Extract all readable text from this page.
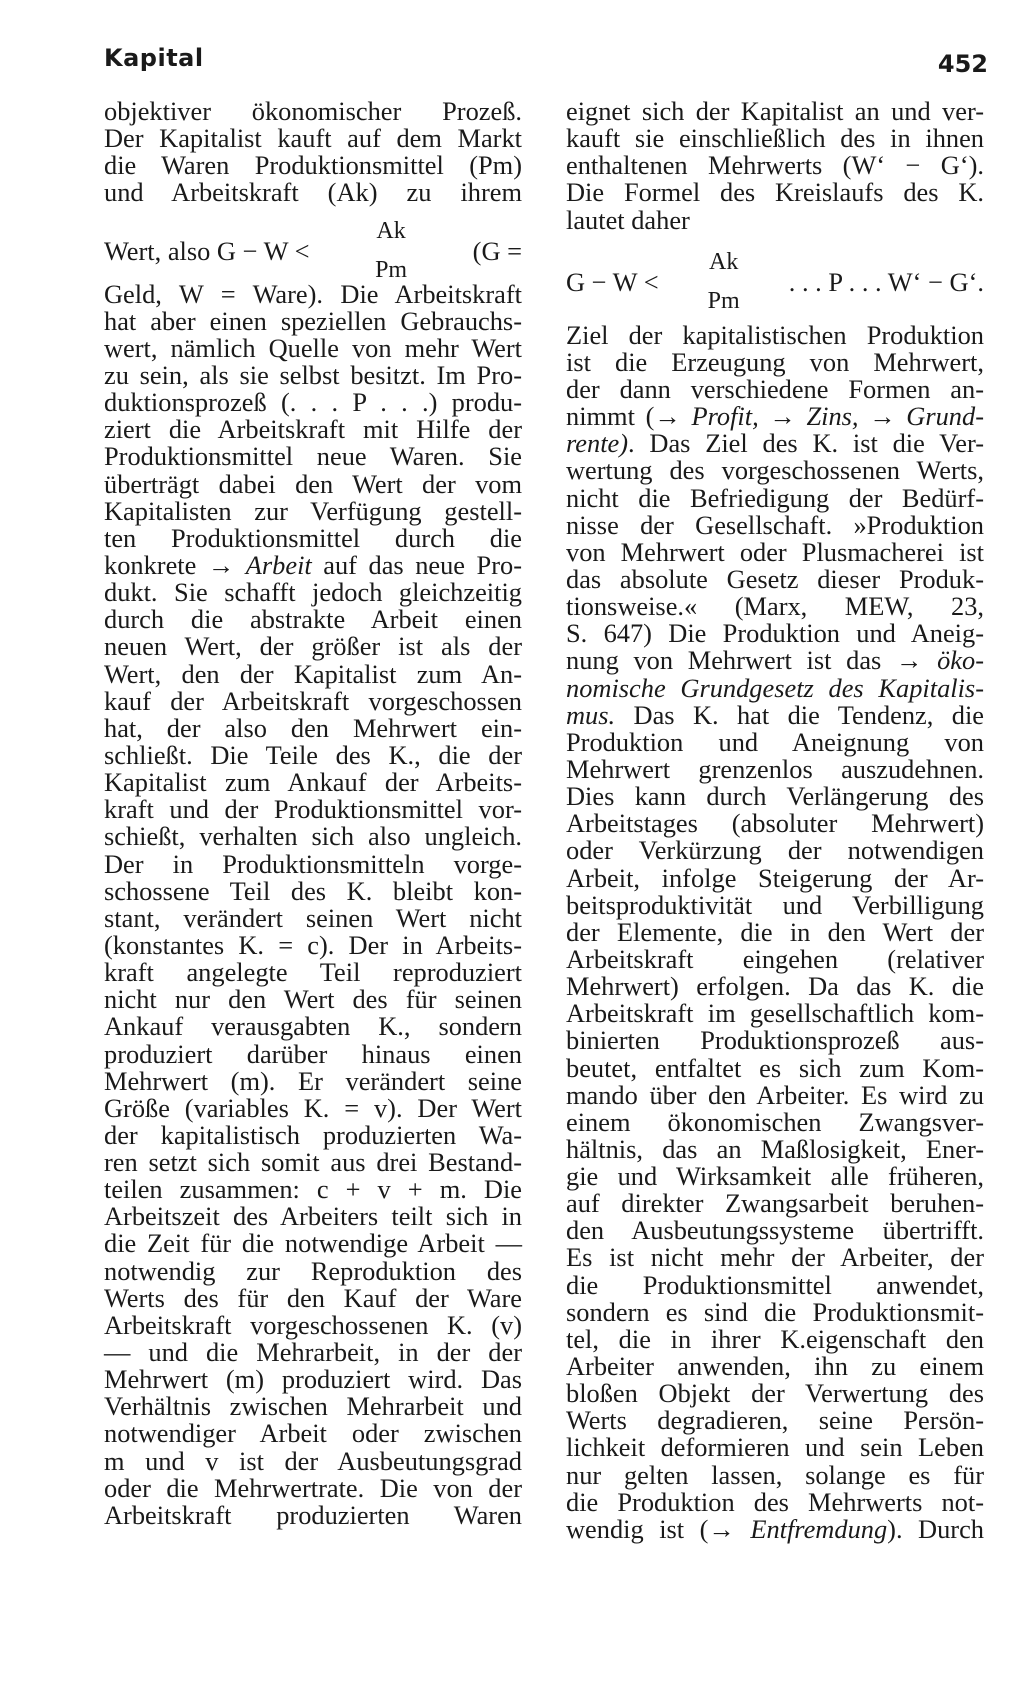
Kapital	452
objektiver ökonomischer Prozeß.
Der Kapitalist kauft auf dem Markt
die Waren Produktionsmittel (Pm)
und Arbeitskraft (Ak) zu ihrem
Wert, also G − W <
Ak
Pm
(G =
Geld, W = Ware). Die Arbeitskraft
hat aber einen speziellen Gebrauchs-
wert, nämlich Quelle von mehr Wert
zu sein, als sie selbst besitzt. Im Pro-
duktionsprozeß (. . . P . . .) produ-
ziert die Arbeitskraft mit Hilfe der
Produktionsmittel neue Waren. Sie
überträgt dabei den Wert der vom
Kapitalisten zur Verfügung gestell-
ten Produktionsmittel durch die
konkrete → Arbeit auf das neue Pro-
dukt. Sie schafft jedoch gleichzeitig
durch die abstrakte Arbeit einen
neuen Wert, der größer ist als der
Wert, den der Kapitalist zum An-
kauf der Arbeitskraft vorgeschossen
hat, der also den Mehrwert ein-
schließt. Die Teile des K., die der
Kapitalist zum Ankauf der Arbeits-
kraft und der Produktionsmittel vor-
schießt, verhalten sich also ungleich.
Der in Produktionsmitteln vorge-
schossene Teil des K. bleibt kon-
stant, verändert seinen Wert nicht
(konstantes K. = c). Der in Arbeits-
kraft angelegte Teil reproduziert
nicht nur den Wert des für seinen
Ankauf verausgabten K., sondern
produziert darüber hinaus einen
Mehrwert (m). Er verändert seine
Größe (variables K. = v). Der Wert
der kapitalistisch produzierten Wa-
ren setzt sich somit aus drei Bestand-
teilen zusammen: c + v + m. Die
Arbeitszeit des Arbeiters teilt sich in
die Zeit für die notwendige Arbeit —
notwendig zur Reproduktion des
Werts des für den Kauf der Ware
Arbeitskraft vorgeschossenen K. (v)
— und die Mehrarbeit, in der der
Mehrwert (m) produziert wird. Das
Verhältnis zwischen Mehrarbeit und
notwendiger Arbeit oder zwischen
m und v ist der Ausbeutungsgrad
oder die Mehrwertrate. Die von der
Arbeitskraft produzierten Waren
eignet sich der Kapitalist an und ver-
kauft sie einschließlich des in ihnen
enthaltenen Mehrwerts (W‘ − G‘).
Die Formel des Kreislaufs des K.
lautet daher
G − W <
Ak
Pm
. . . P . . . W‘ − G‘.
Ziel der kapitalistischen Produktion
ist die Erzeugung von Mehrwert,
der dann verschiedene Formen an-
nimmt (→ Profit, → Zins, → Grund-
rente). Das Ziel des K. ist die Ver-
wertung des vorgeschossenen Werts,
nicht die Befriedigung der Bedürf-
nisse der Gesellschaft. »Produktion
von Mehrwert oder Plusmacherei ist
das absolute Gesetz dieser Produk-
tionsweise.« (Marx, MEW, 23,
S. 647) Die Produktion und Aneig-
nung von Mehrwert ist das → öko-
nomische Grundgesetz des Kapitalis-
mus. Das K. hat die Tendenz, die
Produktion und Aneignung von
Mehrwert grenzenlos auszudehnen.
Dies kann durch Verlängerung des
Arbeitstages (absoluter Mehrwert)
oder Verkürzung der notwendigen
Arbeit, infolge Steigerung der Ar-
beitsproduktivität und Verbilligung
der Elemente, die in den Wert der
Arbeitskraft eingehen (relativer
Mehrwert) erfolgen. Da das K. die
Arbeitskraft im gesellschaftlich kom-
binierten Produktionsprozeß aus-
beutet, entfaltet es sich zum Kom-
mando über den Arbeiter. Es wird zu
einem ökonomischen Zwangsver-
hältnis, das an Maßlosigkeit, Ener-
gie und Wirksamkeit alle früheren,
auf direkter Zwangsarbeit beruhen-
den Ausbeutungssysteme übertrifft.
Es ist nicht mehr der Arbeiter, der
die Produktionsmittel anwendet,
sondern es sind die Produktionsmit-
tel, die in ihrer K.eigenschaft den
Arbeiter anwenden, ihn zu einem
bloßen Objekt der Verwertung des
Werts degradieren, seine Persön-
lichkeit deformieren und sein Leben
nur gelten lassen, solange es für
die Produktion des Mehrwerts not-
wendig ist (→ Entfremdung). Durch
